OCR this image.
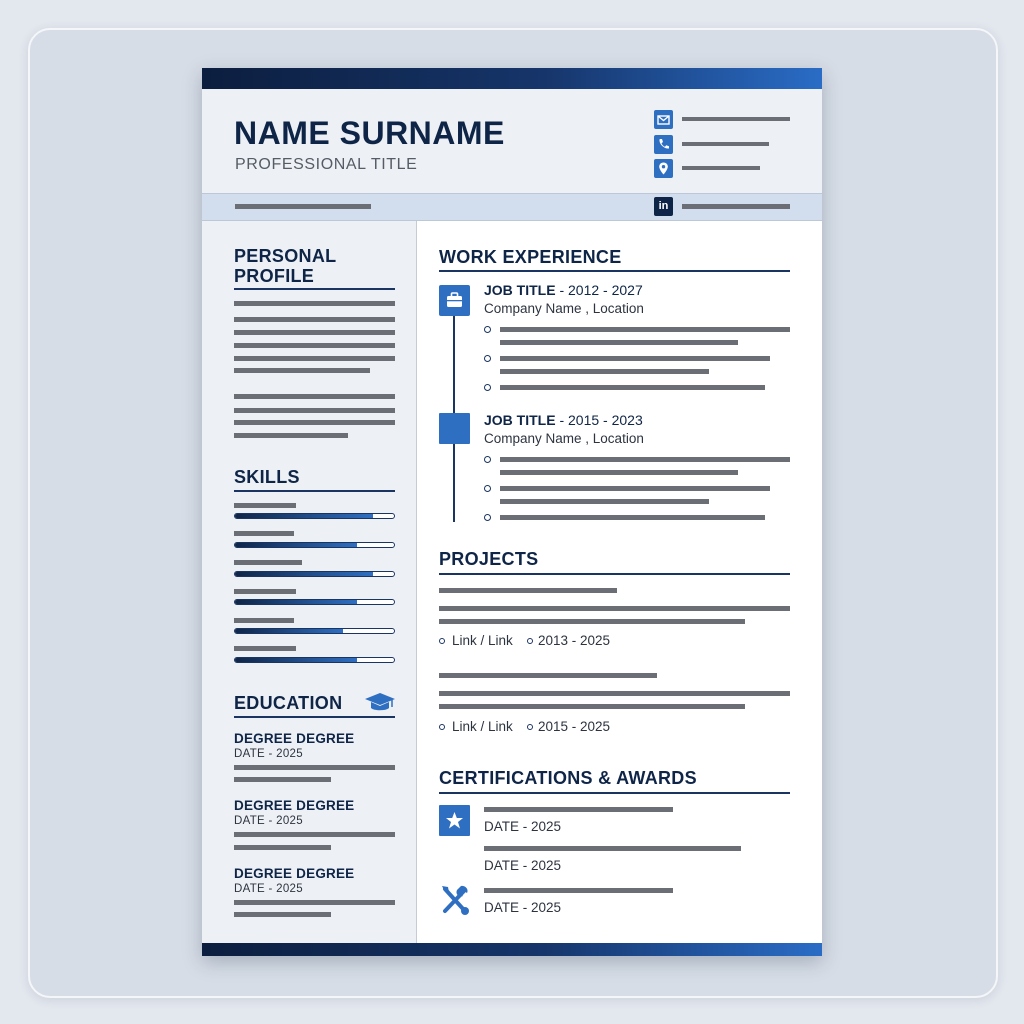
NAME SURNAME
PROFESSIONAL TITLE
in
PERSONAL PROFILE
SKILLS
EDUCATION
DEGREE DEGREE
DATE - 2025
DEGREE DEGREE
DATE - 2025
DEGREE DEGREE
DATE - 2025
WORK EXPERIENCE
JOB TITLE - 2012 - 2027
Company Name , Location
JOB TITLE - 2015 - 2023
Company Name , Location
PROJECTS
Link / Link 2013 - 2025
Link / Link 2015 - 2025
CERTIFICATIONS & AWARDS
DATE - 2025
DATE - 2025
DATE - 2025
